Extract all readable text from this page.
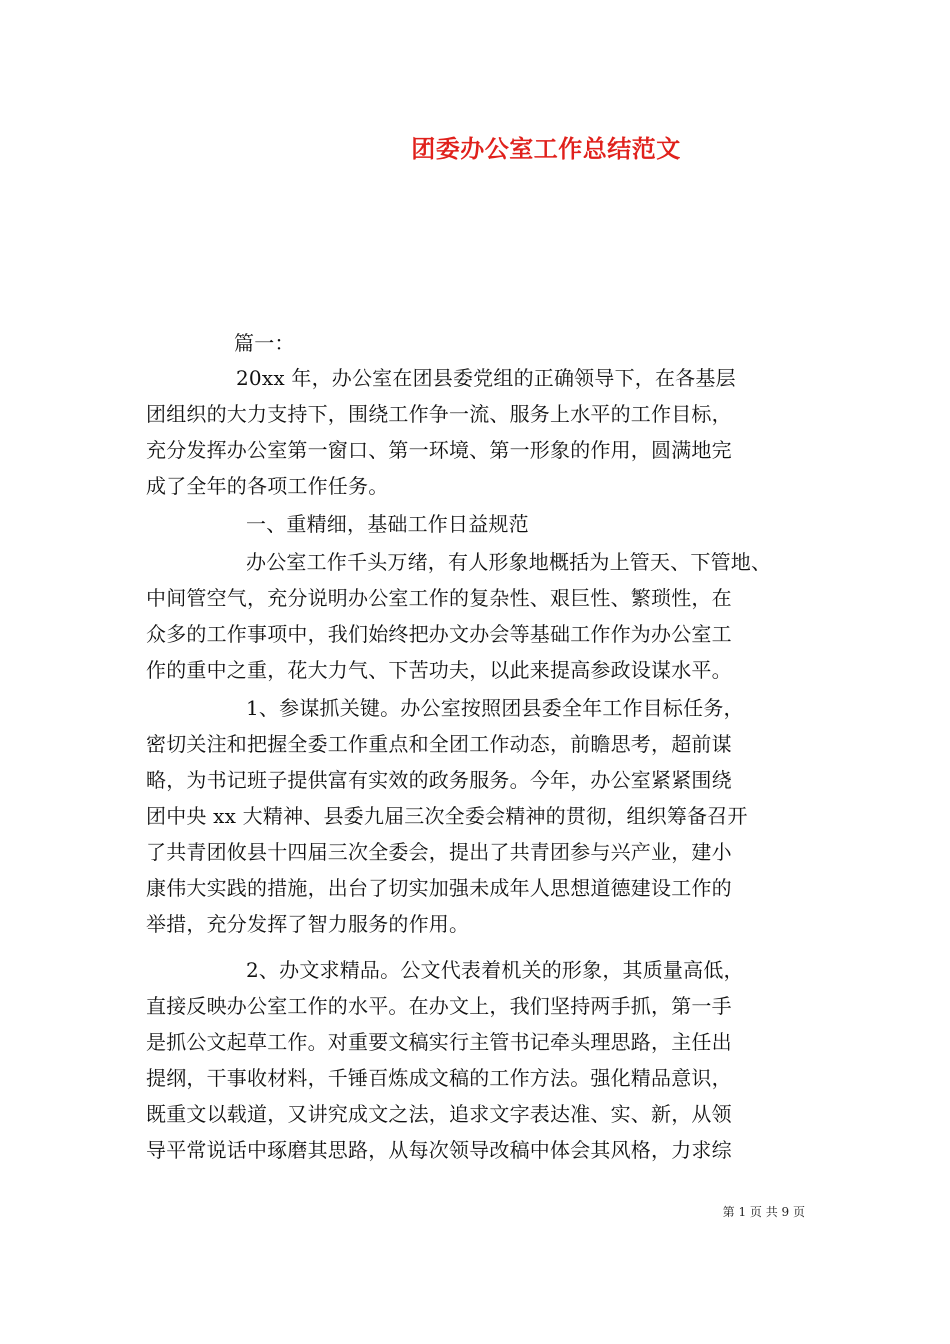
团委办公室工作总结范文
篇一：
20xx 年，办公室在团县委党组的正确领导下，在各基层
团组织的大力支持下，围绕工作争一流、服务上水平的工作目标，
充分发挥办公室第一窗口、第一环境、第一形象的作用，圆满地完
成了全年的各项工作任务。
一、重精细，基础工作日益规范
办公室工作千头万绪，有人形象地概括为上管天、下管地、
中间管空气，充分说明办公室工作的复杂性、艰巨性、繁琐性，在
众多的工作事项中，我们始终把办文办会等基础工作作为办公室工
作的重中之重，花大力气、下苦功夫，以此来提高参政设谋水平。
1、参谋抓关键。办公室按照团县委全年工作目标任务，
密切关注和把握全委工作重点和全团工作动态，前瞻思考，超前谋
略，为书记班子提供富有实效的政务服务。今年，办公室紧紧围绕
团中央 xx 大精神、县委九届三次全委会精神的贯彻，组织筹备召开
了共青团攸县十四届三次全委会，提出了共青团参与兴产业，建小
康伟大实践的措施，出台了切实加强未成年人思想道德建设工作的
举措，充分发挥了智力服务的作用。
2、办文求精品。公文代表着机关的形象，其质量高低，
直接反映办公室工作的水平。在办文上，我们坚持两手抓，第一手
是抓公文起草工作。对重要文稿实行主管书记牵头理思路，主任出
提纲，干事收材料，千锤百炼成文稿的工作方法。强化精品意识，
既重文以载道，又讲究成文之法，追求文字表达准、实、新，从领
导平常说话中琢磨其思路，从每次领导改稿中体会其风格，力求综
第 1 页 共 9 页
